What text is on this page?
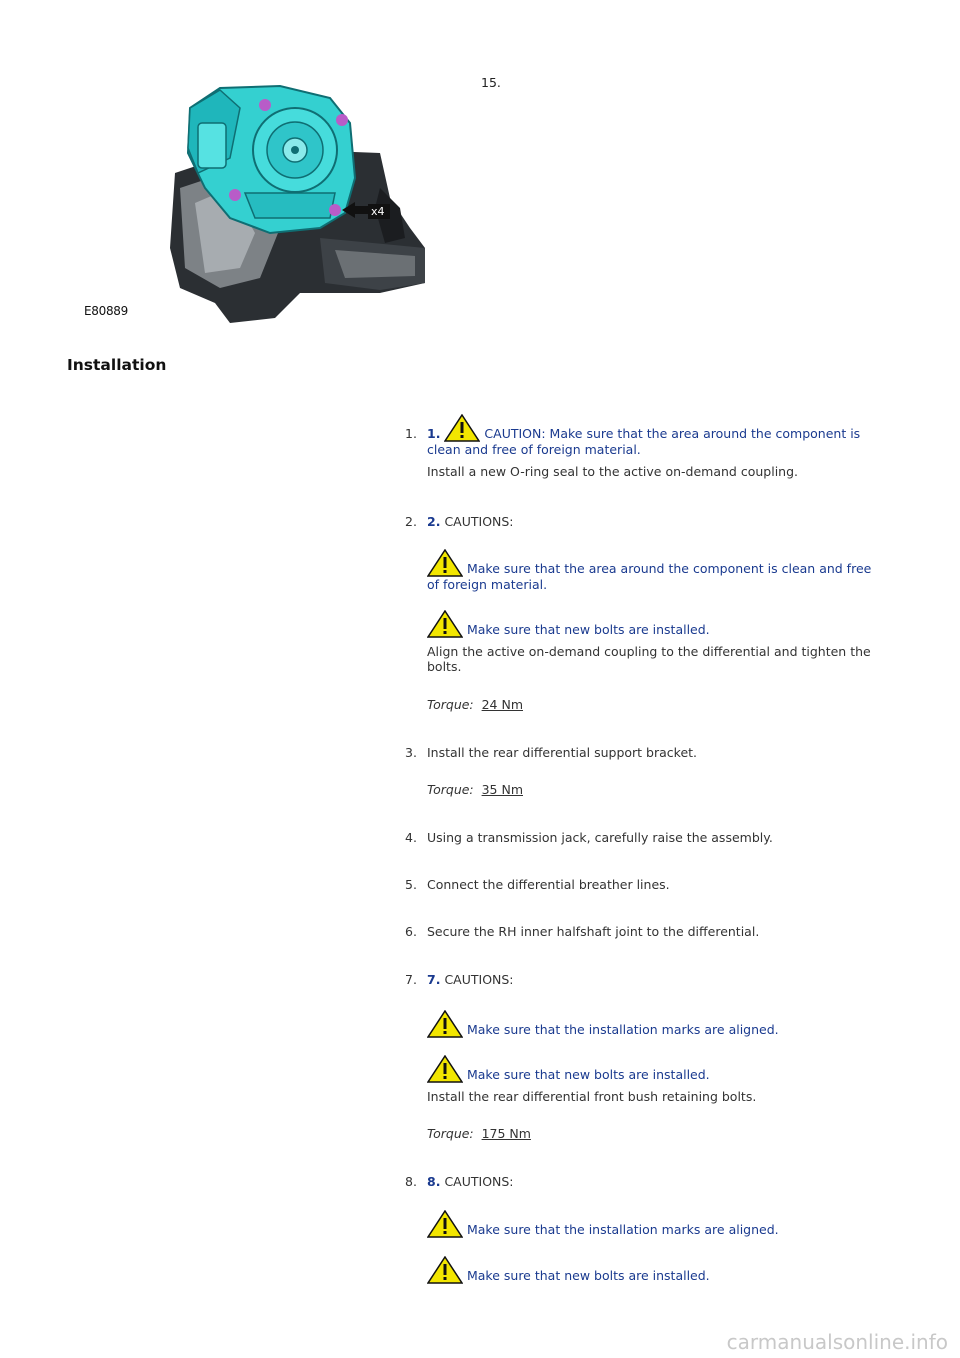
x4
15.
E80889
Installation
1. 1.	CAUTION: Make sure that the area around the component is clean and free of foreign material.
Install a new O-ring seal to the active on-demand coupling.
2. 2. CAUTIONS:
Make sure that the area around the component is clean and free of foreign material.
Make sure that new bolts are installed.
Align the active on-demand coupling to the differential and tighten the bolts.
Torque: 24 Nm
3. Install the rear differential support bracket.
Torque: 35 Nm
4. Using a transmission jack, carefully raise the assembly.
5. Connect the differential breather lines.
6. Secure the RH inner halfshaft joint to the differential.
7. 7. CAUTIONS:
Make sure that the installation marks are aligned.
Make sure that new bolts are installed.
Install the rear differential front bush retaining bolts.
Torque: 175 Nm
8. 8. CAUTIONS:
Make sure that the installation marks are aligned.
Make sure that new bolts are installed.
carmanualsonline.info
